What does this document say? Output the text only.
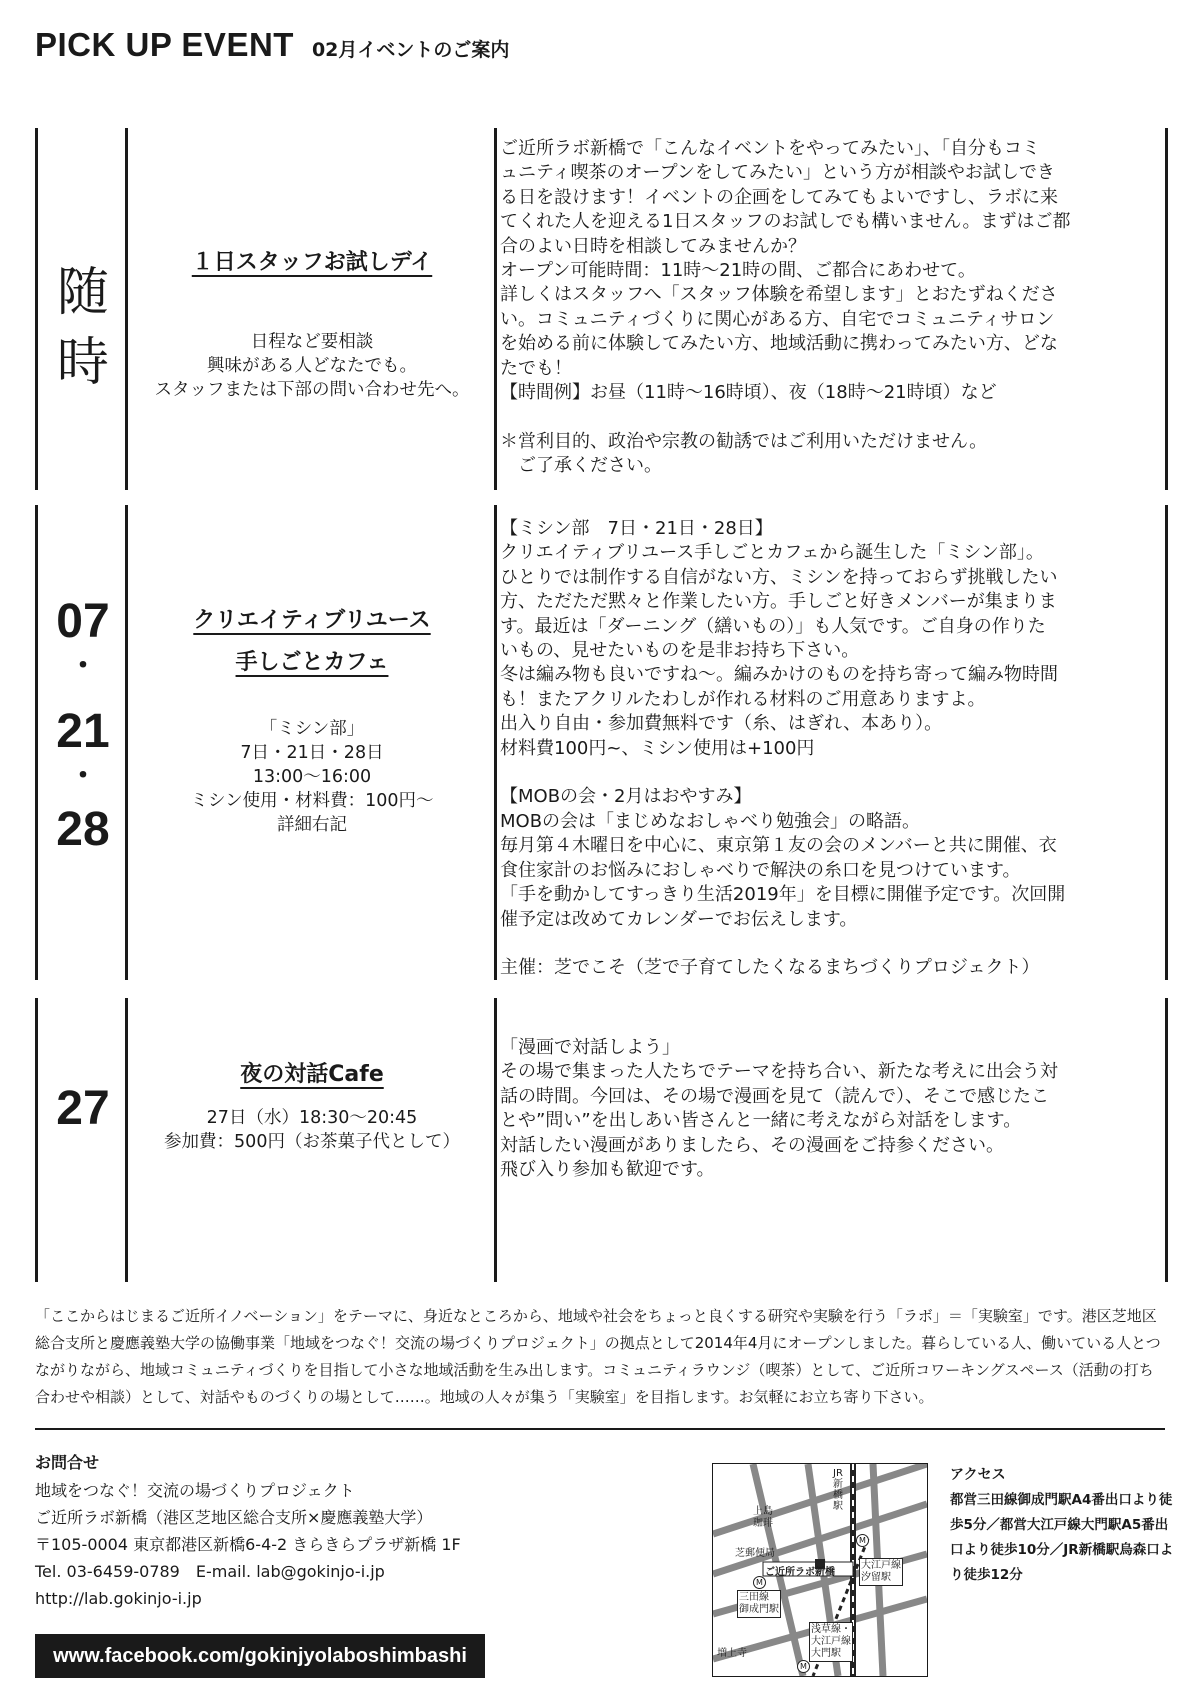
PICK UP EVENT 02月イベントのご案内
随
時
１日スタッフお試しデイ
日程など要相談
興味がある人どなたでも。
スタッフまたは下部の問い合わせ先へ。
ご近所ラボ新橋で「こんなイベントをやってみたい」、「自分もコミ
ュニティ喫茶のオープンをしてみたい」という方が相談やお試しでき
る日を設けます！イベントの企画をしてみてもよいですし、ラボに来
てくれた人を迎える1日スタッフのお試しでも構いません。まずはご都
合のよい日時を相談してみませんか？
オープン可能時間：11時〜21時の間、ご都合にあわせて。
詳しくはスタッフへ「スタッフ体験を希望します」とおたずねくださ
い。コミュニティづくりに関心がある方、自宅でコミュニティサロン
を始める前に体験してみたい方、地域活動に携わってみたい方、どな
たでも！
【時間例】お昼（11時〜16時頃）、夜（18時〜21時頃）など

＊営利目的、政治や宗教の勧誘ではご利用いただけません。
　ご了承ください。
07
・
21
・
28
クリエイティブリユース
手しごとカフェ
「ミシン部」
7日・21日・28日
13:00〜16:00
ミシン使用・材料費：100円〜
詳細右記
【ミシン部　7日・21日・28日】
クリエイティブリユース手しごとカフェから誕生した「ミシン部」。
ひとりでは制作する自信がない方、ミシンを持っておらず挑戦したい
方、ただただ黙々と作業したい方。手しごと好きメンバーが集まりま
す。最近は「ダーニング（繕いもの）」も人気です。ご自身の作りた
いもの、見せたいものを是非お持ち下さい。
冬は編み物も良いですね〜。編みかけのものを持ち寄って編み物時間
も！またアクリルたわしが作れる材料のご用意ありますよ。
出入り自由・参加費無料です（糸、はぎれ、本あり）。
材料費100円~、ミシン使用は+100円

【MOBの会・2月はおやすみ】
MOBの会は「まじめなおしゃべり勉強会」の略語。
毎月第４木曜日を中心に、東京第１友の会のメンバーと共に開催、衣
食住家計のお悩みにおしゃべりで解決の糸口を見つけています。
「手を動かしてすっきり生活2019年」を目標に開催予定です。次回開
催予定は改めてカレンダーでお伝えします。

主催：芝でこそ（芝で子育てしたくなるまちづくりプロジェクト）
27
夜の対話Cafe
27日（水）18:30〜20:45
参加費：500円（お茶菓子代として）
「漫画で対話しよう」
その場で集まった人たちでテーマを持ち合い、新たな考えに出会う対
話の時間。今回は、その場で漫画を見て（読んで）、そこで感じたこ
とや”問い”を出しあい皆さんと一緒に考えながら対話をします。
対話したい漫画がありましたら、その漫画をご持参ください。
飛び入り参加も歓迎です。
「ここからはじまるご近所イノベーション」をテーマに、身近なところから、地域や社会をちょっと良くする研究や実験を行う「ラボ」＝「実験室」です。港区芝地区総合支所と慶應義塾大学の協働事業「地域をつなぐ！交流の場づくりプロジェクト」の拠点として2014年4月にオープンしました。暮らしている人、働いている人とつながりながら、地域コミュニティづくりを目指して小さな地域活動を生み出します。コミュニティラウンジ（喫茶）として、ご近所コワーキングスペース（活動の打ち合わせや相談）として、対話やものづくりの場として……。地域の人々が集う「実験室」を目指します。お気軽にお立ち寄り下さい。
お問合せ
地域をつなぐ！交流の場づくりプロジェクト
ご近所ラボ新橋（港区芝地区総合支所×慶應義塾大学）
〒105-0004 東京都港区新橋6-4-2 きらきらプラザ新橋 1F
Tel. 03-6459-0789　E-mail. lab@gokinjo-i.jp
http://lab.gokinjo-i.jp
www.facebook.com/gokinjyolaboshimbashi
JR新橋駅
上島
珈琲
芝郵便局
ご近所ラボ新橋
大江戸線
汐留駅
三田線
御成門駅
増上寺
浅草線・
大江戸線
大門駅
M
M
M
アクセス
都営三田線御成門駅A4番出口より徒歩5分／都営大江戸線大門駅A5番出口より徒歩10分／JR新橋駅烏森口より徒歩12分
